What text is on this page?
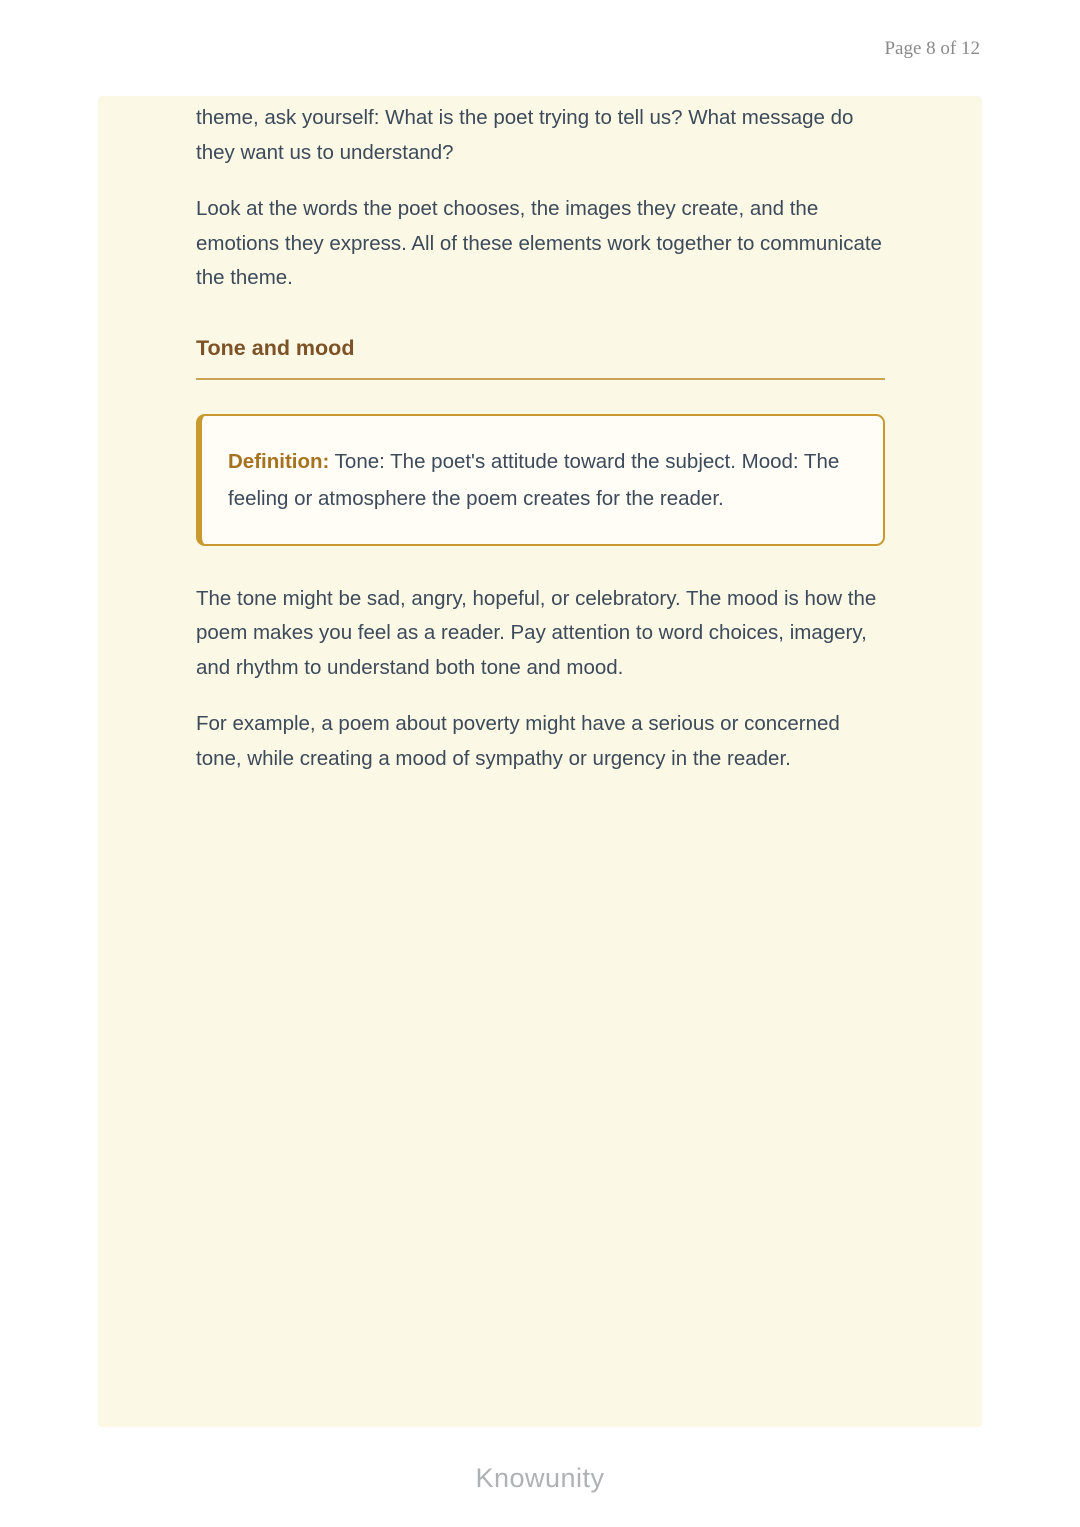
Page 8 of 12

theme, ask yourself: What is the poet trying to tell us? What message do they want us to understand?

Look at the words the poet chooses, the images they create, and the emotions they express. All of these elements work together to communicate the theme.

Tone and mood

Definition: Tone: The poet's attitude toward the subject. Mood: The feeling or atmosphere the poem creates for the reader.

The tone might be sad, angry, hopeful, or celebratory. The mood is how the poem makes you feel as a reader. Pay attention to word choices, imagery, and rhythm to understand both tone and mood.

For example, a poem about poverty might have a serious or concerned tone, while creating a mood of sympathy or urgency in the reader.

Knowunity
